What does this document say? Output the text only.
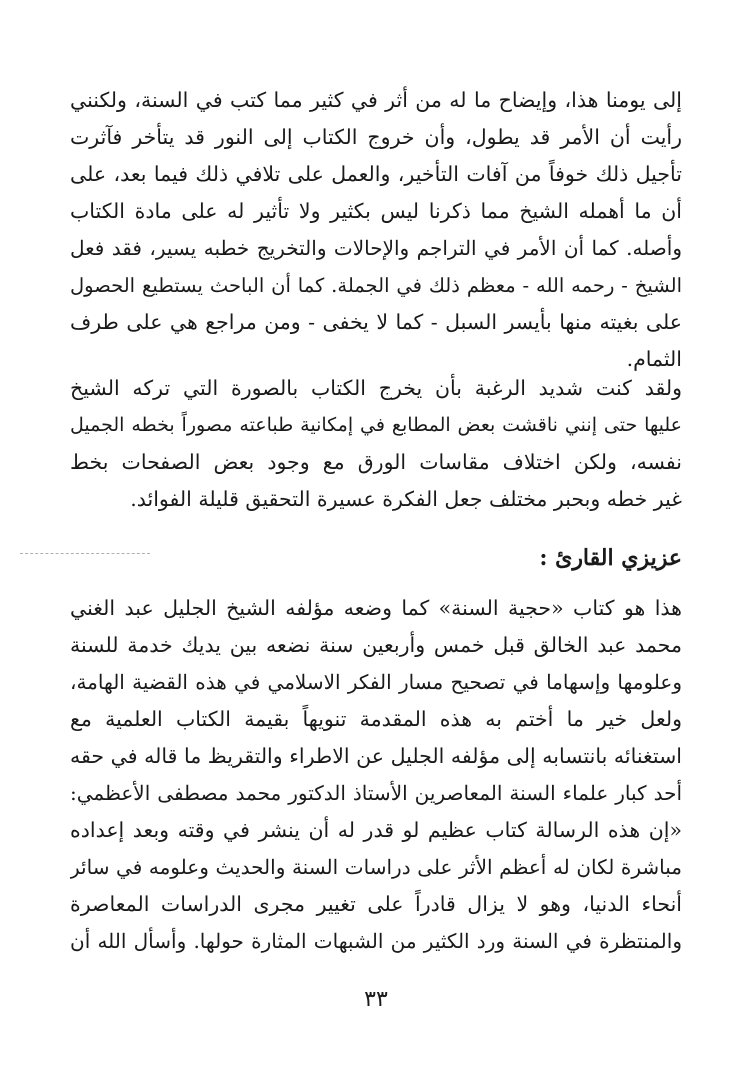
إلى يومنا هذا، وإيضاح ما له من أثر في كثير مما كتب في السنة، ولكنني
رأيت أن الأمر قد يطول، وأن خروج الكتاب إلى النور قد يتأخر فآثرت
تأجيل ذلك خوفاً من آفات التأخير، والعمل على تلافي ذلك فيما بعد، على
أن ما أهمله الشيخ مما ذكرنا ليس بكثير ولا تأثير له على مادة الكتاب
وأصله. كما أن الأمر في التراجم والإحالات والتخريج خطبه يسير، فقد فعل
الشيخ - رحمه الله - معظم ذلك في الجملة. كما أن الباحث يستطيع الحصول
على بغيته منها بأيسر السبل - كما لا يخفى - ومن مراجع هي على طرف
الثمام.
ولقد كنت شديد الرغبة بأن يخرج الكتاب بالصورة التي تركه الشيخ
عليها حتى إنني ناقشت بعض المطابع في إمكانية طباعته مصوراً بخطه الجميل
نفسه، ولكن اختلاف مقاسات الورق مع وجود بعض الصفحات بخط
غير خطه وبحبر مختلف جعل الفكرة عسيرة التحقيق قليلة الفوائد.
عزيزي القارئ :
هذا هو كتاب «حجية السنة» كما وضعه مؤلفه الشيخ الجليل عبد الغني
محمد عبد الخالق قبل خمس وأربعين سنة نضعه بين يديك خدمة للسنة
وعلومها وإسهاما في تصحيح مسار الفكر الاسلامي في هذه القضية الهامة،
ولعل خير ما أختم به هذه المقدمة تنويهاً بقيمة الكتاب العلمية مع
استغنائه بانتسابه إلى مؤلفه الجليل عن الاطراء والتقريظ ما قاله في حقه
أحد كبار علماء السنة المعاصرين الأستاذ الدكتور محمد مصطفى الأعظمي:
«إن هذه الرسالة كتاب عظيم لو قدر له أن ينشر في وقته وبعد إعداده
مباشرة لكان له أعظم الأثر على دراسات السنة والحديث وعلومه في سائر
أنحاء الدنيا، وهو لا يزال قادراً على تغيير مجرى الدراسات المعاصرة
والمنتظرة في السنة ورد الكثير من الشبهات المثارة حولها. وأسأل الله أن
٣٣
